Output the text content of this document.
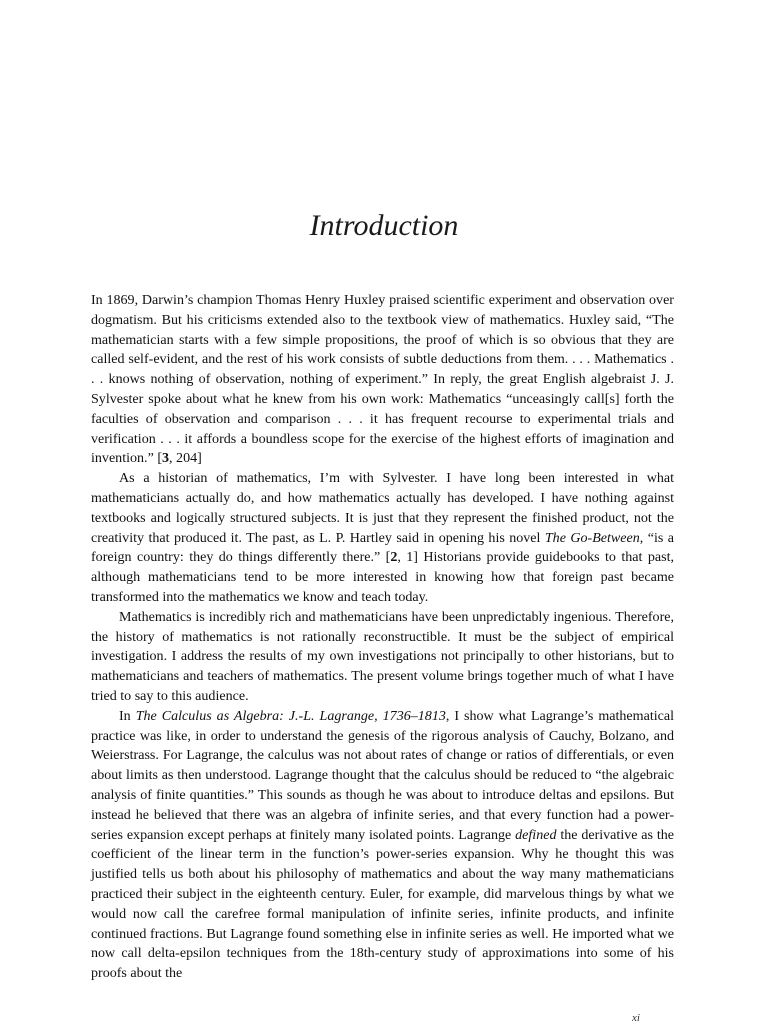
Introduction

In 1869, Darwin’s champion Thomas Henry Huxley praised scientific experiment and observation over dogmatism. But his criticisms extended also to the textbook view of mathematics. Huxley said, “The mathematician starts with a few simple propositions, the proof of which is so obvious that they are called self-evident, and the rest of his work consists of subtle deductions from them. . . . Mathematics . . . knows nothing of observation, nothing of experiment.” In reply, the great English algebraist J. J. Sylvester spoke about what he knew from his own work: Mathematics “unceasingly call[s] forth the faculties of observation and comparison . . . it has frequent recourse to experimental trials and verification . . . it affords a boundless scope for the exercise of the highest efforts of imagination and invention.” [3, 204]

As a historian of mathematics, I’m with Sylvester. I have long been interested in what mathematicians actually do, and how mathematics actually has developed. I have nothing against textbooks and logically structured subjects. It is just that they represent the finished product, not the creativity that produced it. The past, as L. P. Hartley said in opening his novel The Go-Between, “is a foreign country: they do things differently there.” [2, 1] Historians provide guidebooks to that past, although mathematicians tend to be more interested in knowing how that foreign past became transformed into the mathematics we know and teach today.

Mathematics is incredibly rich and mathematicians have been unpredictably ingenious. Therefore, the history of mathematics is not rationally reconstructible. It must be the subject of empirical investigation. I address the results of my own investigations not principally to other historians, but to mathematicians and teachers of mathematics. The present volume brings together much of what I have tried to say to this audience.

In The Calculus as Algebra: J.-L. Lagrange, 1736–1813, I show what Lagrange’s mathematical practice was like, in order to understand the genesis of the rigorous analysis of Cauchy, Bolzano, and Weierstrass. For Lagrange, the calculus was not about rates of change or ratios of differentials, or even about limits as then understood. Lagrange thought that the calculus should be reduced to “the algebraic analysis of finite quantities.” This sounds as though he was about to introduce deltas and epsilons. But instead he believed that there was an algebra of infinite series, and that every function had a power-series expansion except perhaps at finitely many isolated points. Lagrange defined the derivative as the coefficient of the linear term in the function’s power-series expansion. Why he thought this was justified tells us both about his philosophy of mathematics and about the way many mathematicians practiced their subject in the eighteenth century. Euler, for example, did marvelous things by what we would now call the carefree formal manipulation of infinite series, infinite products, and infinite continued fractions. But Lagrange found something else in infinite series as well. He imported what we now call delta-epsilon techniques from the 18th-century study of approximations into some of his proofs about the

xi
